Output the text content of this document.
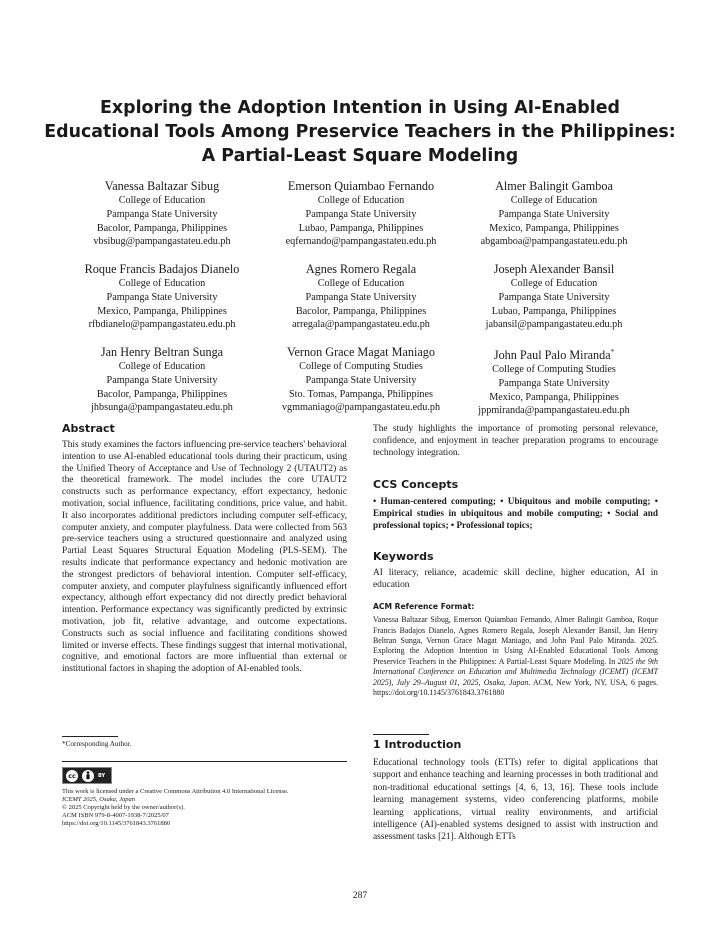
Exploring the Adoption Intention in Using AI-Enabled
Educational Tools Among Preservice Teachers in the Philippines:
A Partial-Least Square Modeling
Vanessa Baltazar Sibug
College of Education
Pampanga State University
Bacolor, Pampanga, Philippines
vbsibug@pampangastateu.edu.ph
Emerson Quiambao Fernando
College of Education
Pampanga State University
Lubao, Pampanga, Philippines
eqfernando@pampangastateu.edu.ph
Almer Balingit Gamboa
College of Education
Pampanga State University
Mexico, Pampanga, Philippines
abgamboa@pampangastateu.edu.ph
Roque Francis Badajos Dianelo
College of Education
Pampanga State University
Mexico, Pampanga, Philippines
rfbdianelo@pampangastateu.edu.ph
Agnes Romero Regala
College of Education
Pampanga State University
Bacolor, Pampanga, Philippines
arregala@pampangastateu.edu.ph
Joseph Alexander Bansil
College of Education
Pampanga State University
Lubao, Pampanga, Philippines
jabansil@pampangastateu.edu.ph
Jan Henry Beltran Sunga
College of Education
Pampanga State University
Bacolor, Pampanga, Philippines
jhbsunga@pampangastateu.edu.ph
Vernon Grace Magat Maniago
College of Computing Studies
Pampanga State University
Sto. Tomas, Pampanga, Philippines
vgmmaniago@pampangastateu.edu.ph
John Paul Palo Miranda*
College of Computing Studies
Pampanga State University
Mexico, Pampanga, Philippines
jppmiranda@pampangastateu.edu.ph
Abstract

This study examines the factors influencing pre-service teachers' behavioral intention to use AI-enabled educational tools during their practicum, using the Unified Theory of Acceptance and Use of Technology 2 (UTAUT2) as the theoretical framework. The model includes the core UTAUT2 constructs such as performance expectancy, effort expectancy, hedonic motivation, social influence, facilitating conditions, price value, and habit. It also incorporates additional predictors including computer self-efficacy, computer anxiety, and computer playfulness. Data were collected from 563 pre-service teachers using a structured questionnaire and analyzed using Partial Least Squares Structural Equation Modeling (PLS-SEM). The results indicate that performance expectancy and hedonic motivation are the strongest predictors of behavioral intention. Computer self-efficacy, computer anxiety, and computer playfulness significantly influenced effort expectancy, although effort expectancy did not directly predict behavioral intention. Performance expectancy was significantly predicted by extrinsic motivation, job fit, relative advantage, and outcome expectations. Constructs such as social influence and facilitating conditions showed limited or inverse effects. These findings suggest that internal motivational, cognitive, and emotional factors are more influential than external or institutional factors in shaping the adoption of AI-enabled tools.

*Corresponding Author.
cc	BY
This work is licensed under a Creative Commons Attribution 4.0 International License.
ICEMT 2025, Osaka, Japan
© 2025 Copyright held by the owner/author(s).
ACM ISBN 979-8-4007-1938-7/2025/07
https://doi.org/10.1145/3761843.3761880

The study highlights the importance of promoting personal relevance, confidence, and enjoyment in teacher preparation programs to encourage technology integration.

CCS Concepts

• Human-centered computing; • Ubiquitous and mobile computing; • Empirical studies in ubiquitous and mobile computing; • Social and professional topics; • Professional topics;

Keywords

AI literacy, reliance, academic skill decline, higher education, AI in education

ACM Reference Format:

Vanessa Baltazar Sibug, Emerson Quiambao Fernando, Almer Balingit Gamboa, Roque Francis Badajos Dianelo, Agnes Romero Regala, Joseph Alexander Bansil, Jan Henry Beltran Sunga, Vernon Grace Magat Maniago, and John Paul Palo Miranda. 2025. Exploring the Adoption Intention in Using AI-Enabled Educational Tools Among Preservice Teachers in the Philippines: A Partial-Least Square Modeling. In 2025 the 9th International Conference on Education and Multimedia Technology (ICEMT) (ICEMT 2025), July 29–August 01, 2025, Osaka, Japan. ACM, New York, NY, USA, 6 pages. https://doi.org/10.1145/3761843.3761880

1 Introduction

Educational technology tools (ETTs) refer to digital applications that support and enhance teaching and learning processes in both traditional and non-traditional educational settings [4, 6, 13, 16]. These tools include learning management systems, video conferencing platforms, mobile learning applications, virtual reality environments, and artificial intelligence (AI)-enabled systems designed to assist with instruction and assessment tasks [21]. Although ETTs

287
